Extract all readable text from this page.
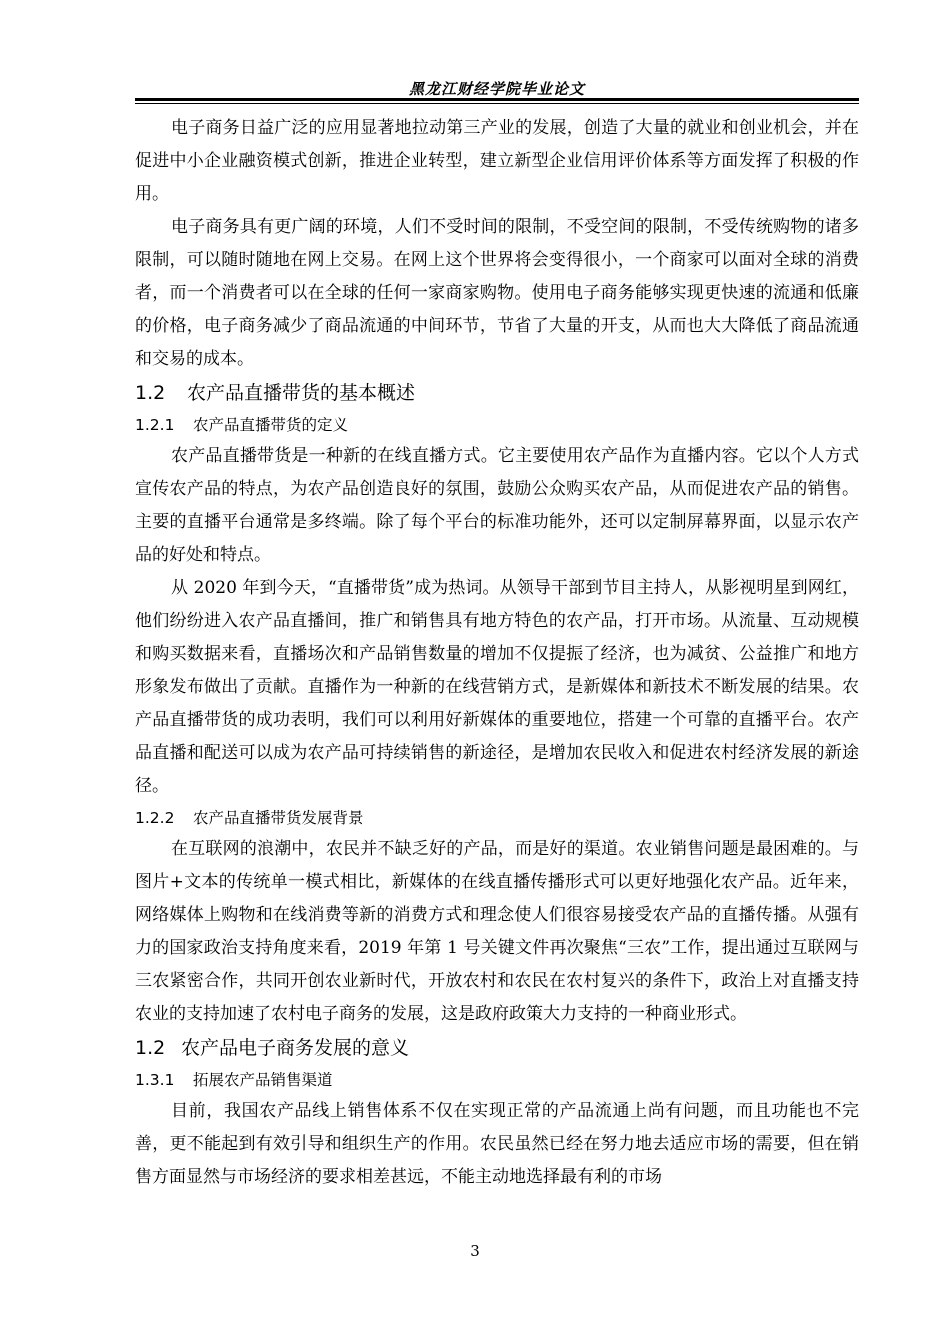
黑龙江财经学院毕业论文

电子商务日益广泛的应用显著地拉动第三产业的发展，创造了大量的就业和创业机会，并在促进中小企业融资模式创新，推进企业转型，建立新型企业信用评价体系等方面发挥了积极的作用。

电子商务具有更广阔的环境，人们不受时间的限制，不受空间的限制，不受传统购物的诸多限制，可以随时随地在网上交易。在网上这个世界将会变得很小，一个商家可以面对全球的消费者，而一个消费者可以在全球的任何一家商家购物。使用电子商务能够实现更快速的流通和低廉的价格，电子商务减少了商品流通的中间环节，节省了大量的开支，从而也大大降低了商品流通和交易的成本。

1.2 农产品直播带货的基本概述
1.2.1 农产品直播带货的定义

农产品直播带货是一种新的在线直播方式。它主要使用农产品作为直播内容。它以个人方式宣传农产品的特点，为农产品创造良好的氛围，鼓励公众购买农产品，从而促进农产品的销售。主要的直播平台通常是多终端。除了每个平台的标准功能外，还可以定制屏幕界面，以显示农产品的好处和特点。

从 2020 年到今天，“直播带货”成为热词。从领导干部到节目主持人，从影视明星到网红，他们纷纷进入农产品直播间，推广和销售具有地方特色的农产品，打开市场。从流量、互动规模和购买数据来看，直播场次和产品销售数量的增加不仅提振了经济，也为减贫、公益推广和地方形象发布做出了贡献。直播作为一种新的在线营销方式，是新媒体和新技术不断发展的结果。农产品直播带货的成功表明，我们可以利用好新媒体的重要地位，搭建一个可靠的直播平台。农产品直播和配送可以成为农产品可持续销售的新途径，是增加农民收入和促进农村经济发展的新途径。

1.2.2 农产品直播带货发展背景

在互联网的浪潮中，农民并不缺乏好的产品，而是好的渠道。农业销售问题是最困难的。与图片+文本的传统单一模式相比，新媒体的在线直播传播形式可以更好地强化农产品。近年来，网络媒体上购物和在线消费等新的消费方式和理念使人们很容易接受农产品的直播传播。从强有力的国家政治支持角度来看，2019 年第 1 号关键文件再次聚焦“三农”工作，提出通过互联网与三农紧密合作，共同开创农业新时代，开放农村和农民在农村复兴的条件下，政治上对直播支持农业的支持加速了农村电子商务的发展，这是政府政策大力支持的一种商业形式。

1.2 农产品电子商务发展的意义
1.3.1 拓展农产品销售渠道

目前，我国农产品线上销售体系不仅在实现正常的产品流通上尚有问题，而且功能也不完善，更不能起到有效引导和组织生产的作用。农民虽然已经在努力地去适应市场的需要，但在销售方面显然与市场经济的要求相差甚远，不能主动地选择最有利的市场

3
